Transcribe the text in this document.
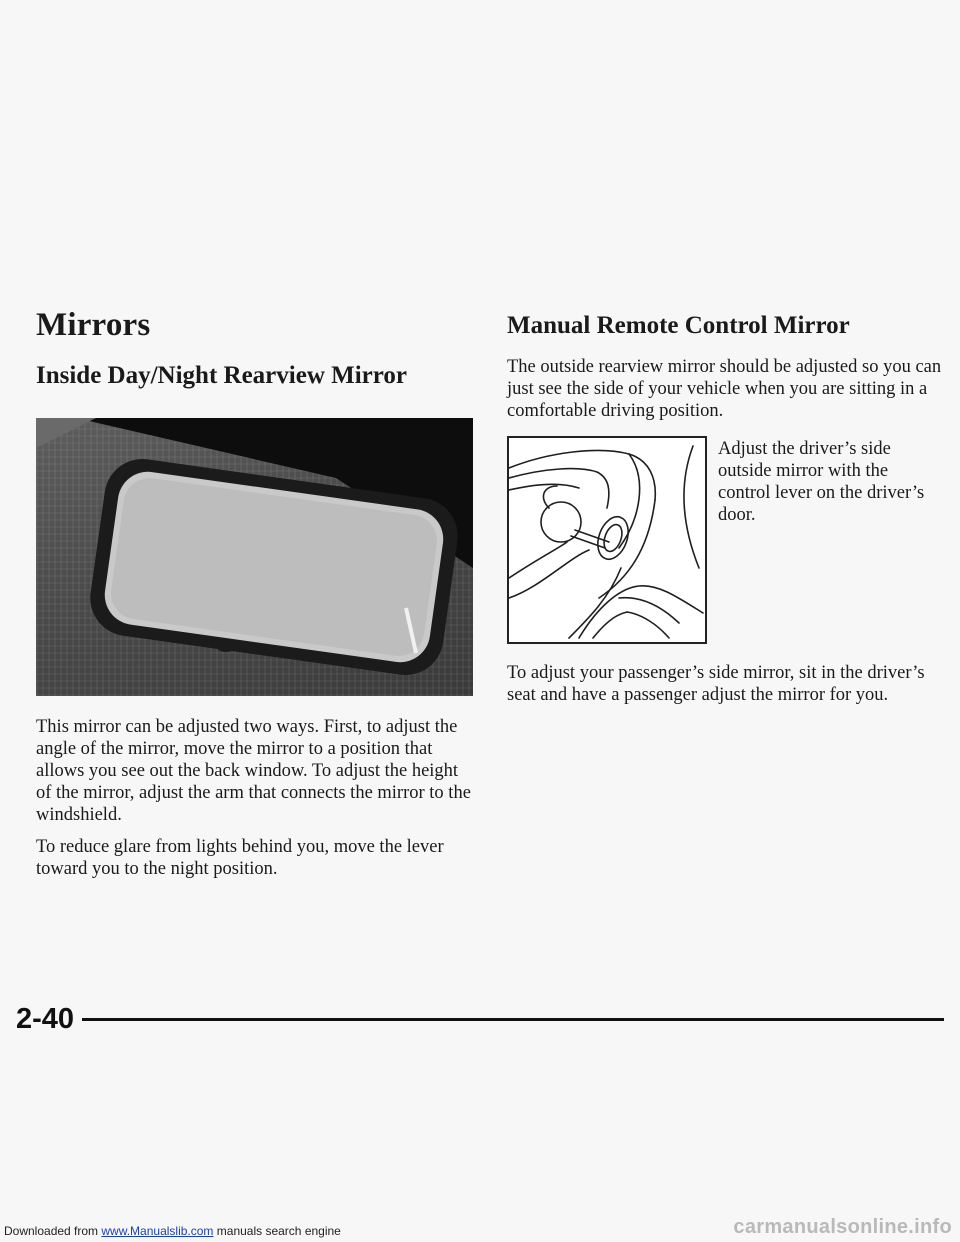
Mirrors
Inside Day/Night Rearview Mirror

This mirror can be adjusted two ways. First, to adjust the angle of the mirror, move the mirror to a position that allows you see out the back window. To adjust the height of the mirror, adjust the arm that connects the mirror to the windshield.

To reduce glare from lights behind you, move the lever toward you to the night position.

Manual Remote Control Mirror

The outside rearview mirror should be adjusted so you can just see the side of your vehicle when you are sitting in a comfortable driving position.

Adjust the driver’s side outside mirror with the control lever on the driver’s door.

To adjust your passenger’s side mirror, sit in the driver’s seat and have a passenger adjust the mirror for you.

2-40
Downloaded from www.Manualslib.com manuals search engine	carmanualsonline.info
